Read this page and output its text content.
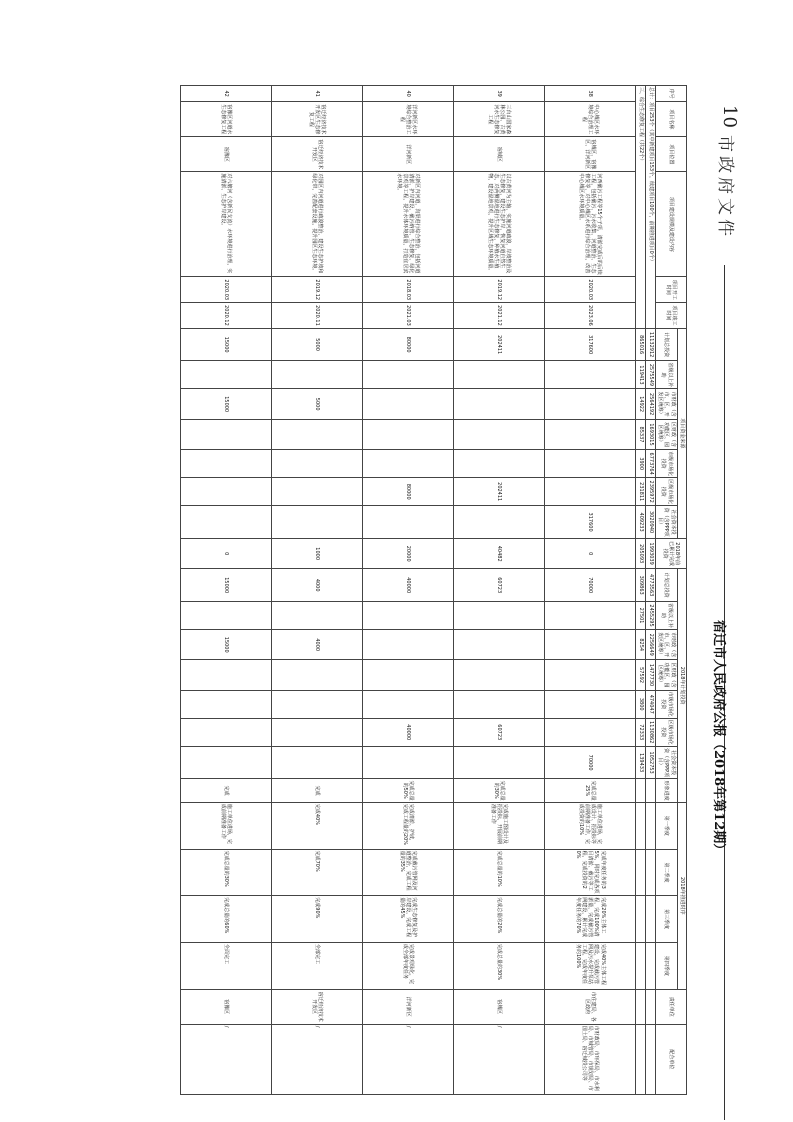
10
市政府文件
宿迁市人民政府公报（2018年第12期）
序号	项目名称	项目位置	项目建设规模及建设内容	项目开工时间	项目竣工时间	项目资金来源							2018年前已累计完成投资	2018年计划投资								2018年推进时序				责任单位	配合单位
						计划总投资	省级以上补助	市财政（含市、区、开发区统筹）	区财政（含功能区、园区统筹）	市级市场化投资	区级市场化投资	社会资本投资（含PPP项目）		计划总投资	省级以上补助	市财政（含市、区、开发区统筹）	区财政（含功能区、园区统筹）	市级市场化投资	区级市场化投资	社会资本投资（含PPP项目）	形象进度	第一季度	第二季度	第三季度	第四季度		
总计：项目253个（其中新建项目153个，续建项目100个，前期推进项目0个）						11132912	2575549	2564192	1693015	6773764	2395972	3020940	1993039	4773563	2455295	2256649	1477730	474047	1130862	1052753							
三、综合生态修复工程（共22个）						865016	119413	14922	85337	3900	231811	409233	205093	309863	27501	8254	57592	3800	72333	139433							
38	中心城区水环境综合治理工程	宿城区、宿豫区、洋河新区	河西截污工程等15个子项，清淤完成后的后续工程，包括截污、污水收集、河道整治、生态修复等，对中心城区水系进行综合治理，改善中心城区水环境质量。	2020.03	2023.06	317600						317600	0	70000						70000	完成总量25%	施工单位进场，完成设计、招投标等前期准备工作，完成投资的10%	完成年度任务的35%，同时完成各项目清淤、截污等工程，完成投资的20%	完成20%主体工程，完成100%清淤量，完成截污管网建设，累计完成年度任务的70%	完成40%主体工程建设，完成截污管网及污水提升泵站工程，完成年度任务的100%	市住建局、各区政府	市财政局、市环保局、市水利局、市城管局、市规划局、市国土局、宿迁城投公司等
39	三台山国家森林公园、古黄河水生态修复工程	宿城区	以古黄河为主轴，实施河道疏浚、岸坡整治及生态修复，建设生态护岸，恢复河道自然生态，对两侧湿地进行生态修复，种植水生植物，建设湿地景观，提升区域生态环境质量。	2019.12	2021.12	202411					202411		40482	60723					60723		完成总量的30%	完成施工图设计及招投标，开展前期准备工作	完成总量的10%	完成总量的20%	完成总量的30%	宿城区	/
40	洋河新区水环境综合整治工程	洋河新区	对新区内河道、沟渠进行综合整治，包括河道清淤、护岸建设、截污纳管、生态修复、绿化景观等工程，提升水体环境质量，打造宜居滨水环境。	2018.03	2021.03	80000					80000		20000	40000					40000		完成总量的50%	完成清淤、护坡，完成工程量的20%	完成截污管网及河道整治，完成工程量的35%	完成生态修复及护岸建设，完成工程量的45%	完成景观绿化，完成全部年度任务	洋河新区	/
41	宿迁经济技术开发区生态修复工程	宿迁经济技术开发区	对园区内河道进行疏浚整治，建设生态护坡和绿化带，完善配套设施，提升园区生态环境。	2019.12	2020.11	5000		5000					1000	4000		4000					完成	完成40%	完成70%	完成90%	全部完工	宿迁经济技术开发区	/
42	宿豫区河道水生态修复工程	宿豫区	对六塘河（含新民支流）水环境进行治理，实施清淤、生态护岸建设。	2020.03	2020.12	15000		15000					0	15000		15000					完成	施工单位进场，完成前期准备工作	完成总量的30%	完成总量的60%	全面完工	宿豫区	/
